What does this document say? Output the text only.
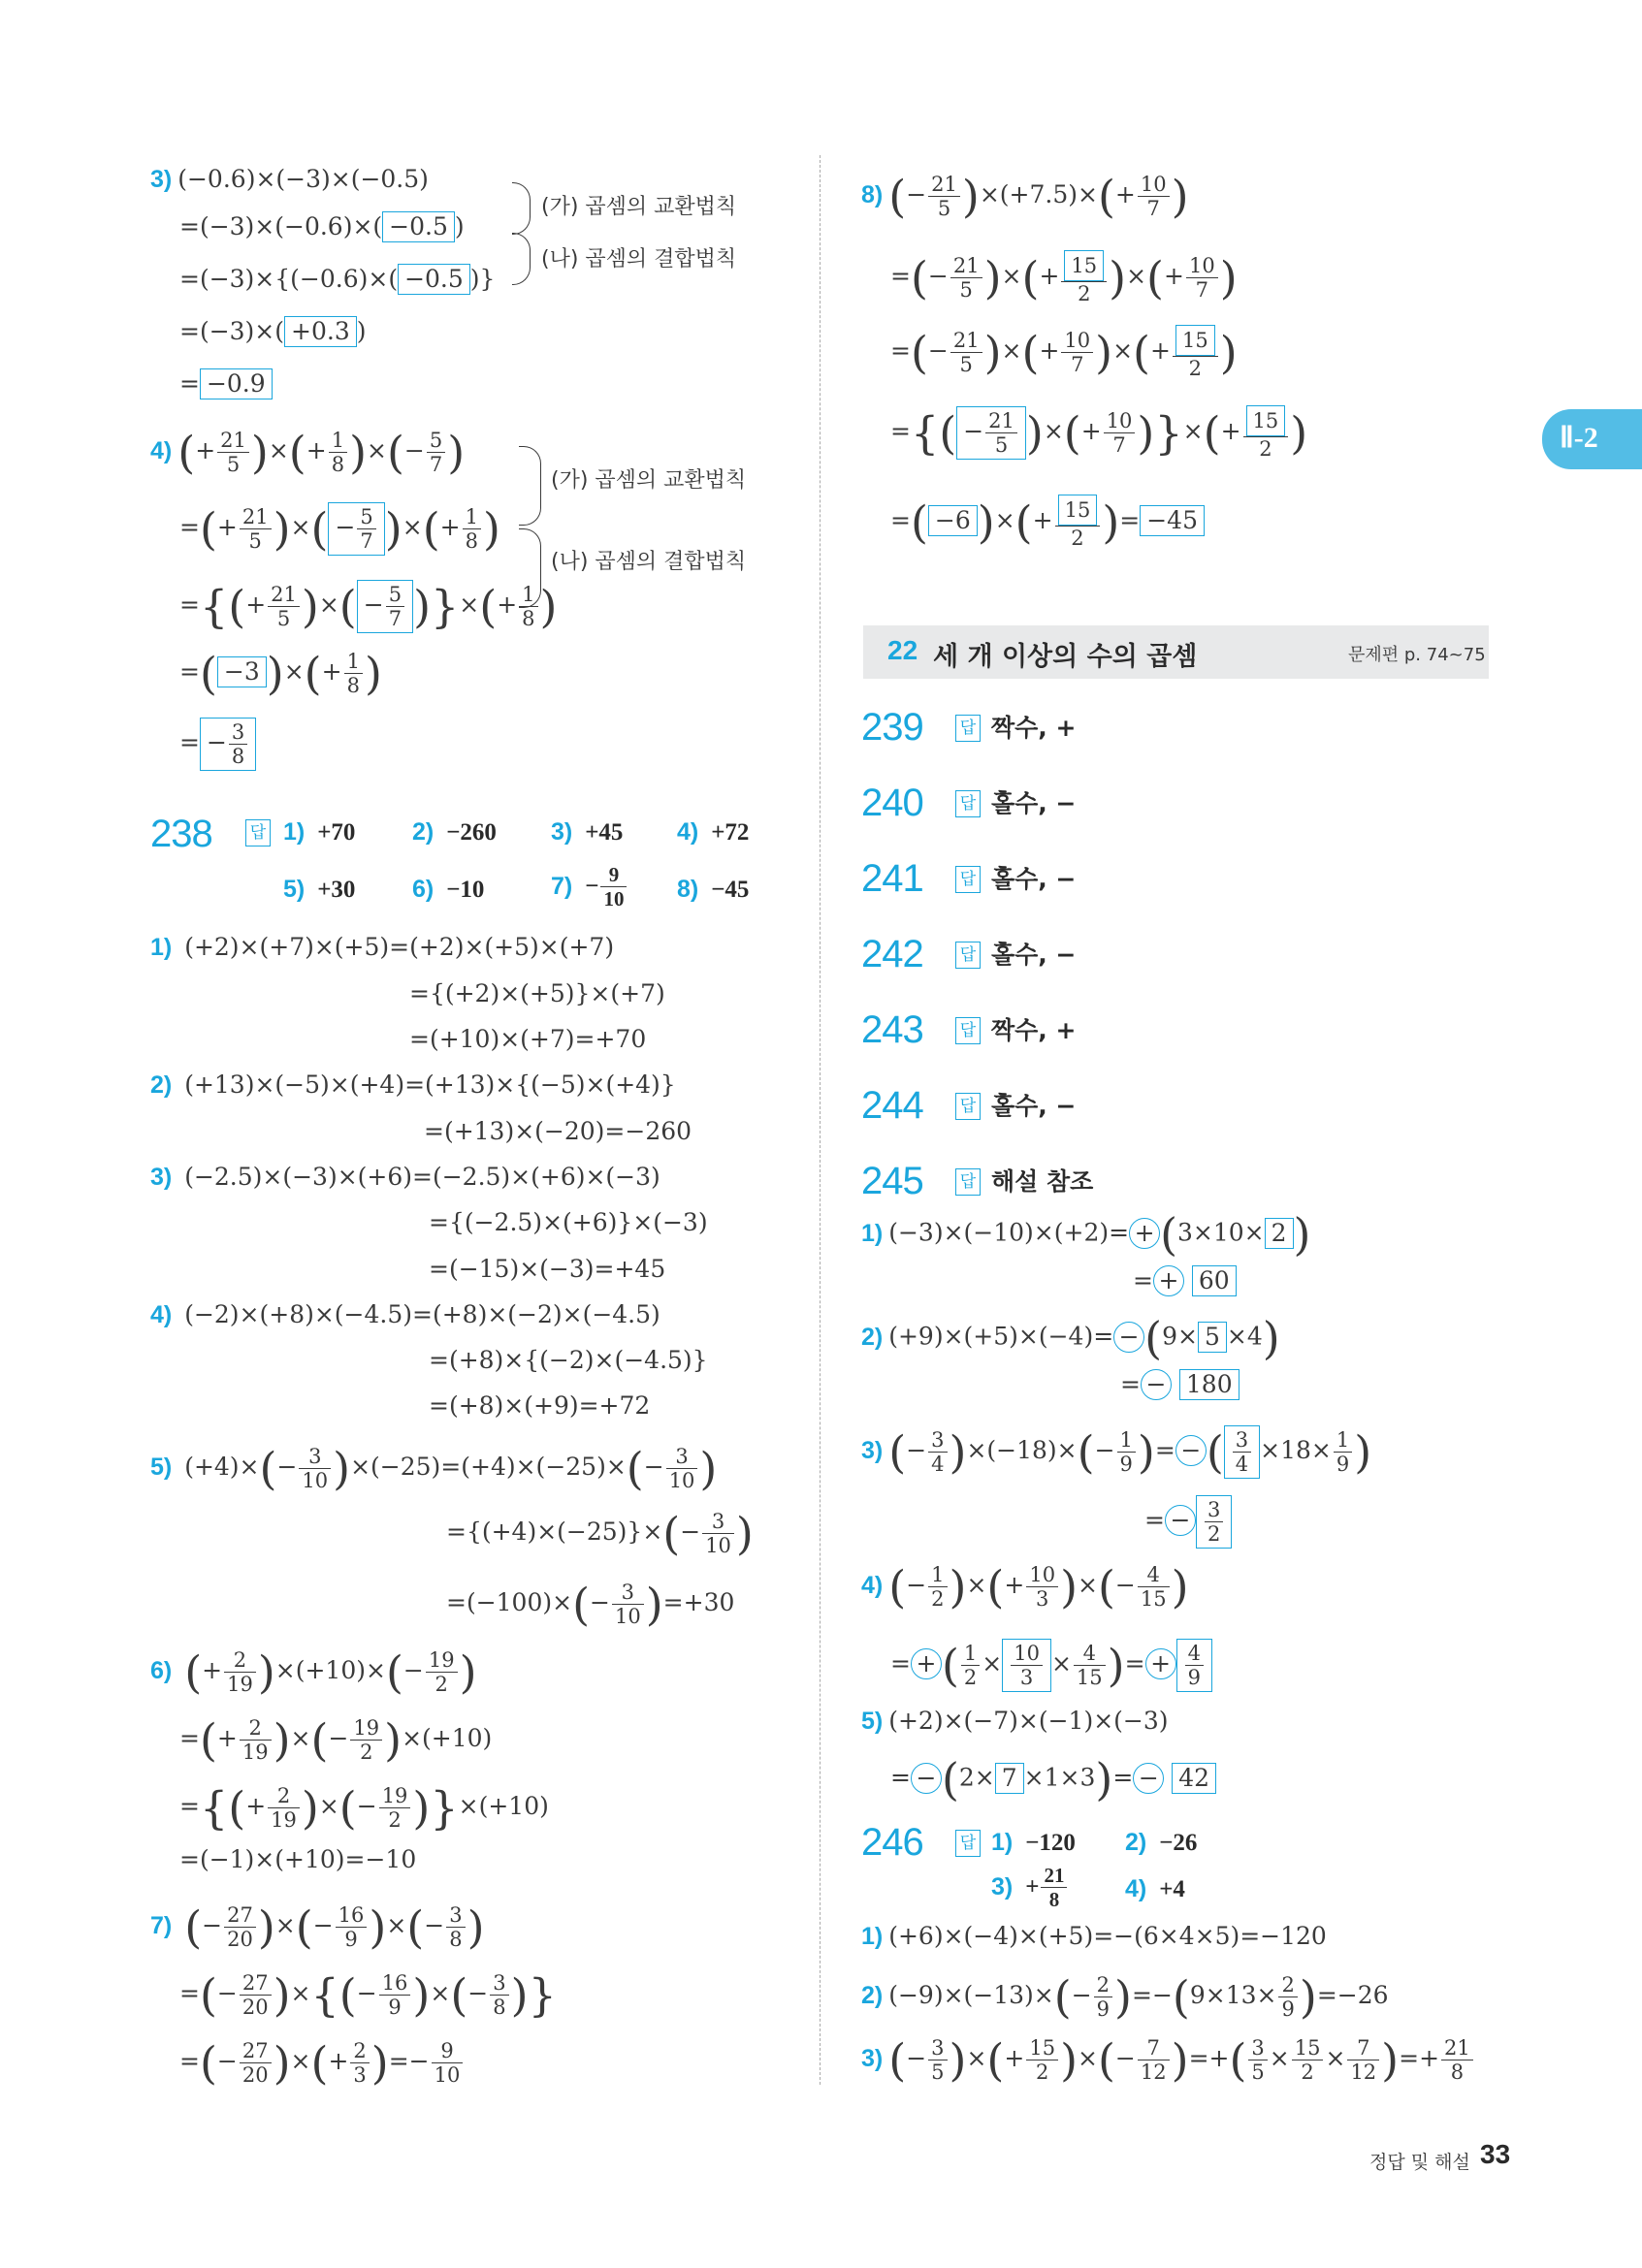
Ⅱ-2
3) (−0.6)×(−3)×(−0.5)
=(−3)×(−0.6)×( −0.5 )
=(−3)×{(−0.6)×( −0.5 )}
=(−3)×( +0.3 )
= −0.9
(가) 곱셈의 교환법칙
(나) 곱셈의 결합법칙
4) (+ $\frac{21}{5}$ )×(+ $\frac{1}{8}$ )×(− $\frac{5}{7}$ )
=(+ $\frac{21}{5}$ )×( − $\frac{5}{7}$ )×(+ $\frac{1}{8}$ )
={(+ $\frac{21}{5}$ )×( − $\frac{5}{7}$ )}×(+ $\frac{1}{8}$ )
=( −3 )×(+ $\frac{1}{8}$ )
= − $\frac{3}{8}$
(가) 곱셈의 교환법칙
(나) 곱셈의 결합법칙
238 답 1) +70 2) −260 3) +45 4) +72
5) +30 6) −10	$7) - \frac{9}{10} 8) -45$
1) (+2)×(+7)×(+5)=(+2)×(+5)×(+7)
={(+2)×(+5)}×(+7)
=(+10)×(+7)=+70
2) (+13)×(−5)×(+4)=(+13)×{(−5)×(+4)}
=(+13)×(−20)=−260
3) (−2.5)×(−3)×(+6)=(−2.5)×(+6)×(−3)
={(−2.5)×(+6)}×(−3)
=(−15)×(−3)=+45
4) (−2)×(+8)×(−4.5)=(+8)×(−2)×(−4.5)
=(+8)×{(−2)×(−4.5)}
=(+8)×(+9)=+72
5) $(+4)\times(- \frac{3}{10} )\times(-25)=(+4)\times(-25)\times(- \frac{3}{10}$ )
$=\{(+4)\times(-25)\}\times(- \frac{3}{10}$ )
$=(-100)\times(- \frac{3}{10} )=+30$
6) (+ $\frac{2}{19} )\times(+10)\times(- \frac{19}{2}$ )
=(+ $\frac{2}{19}$ )×(− $\frac{19}{2} )\times(+10)$
={(+ $\frac{2}{19}$ )×(− $\frac{19}{2} )\}\times(+10)$
=(−1)×(+10)=−10
7) (− $\frac{27}{20}$ )×(− $\frac{16}{9}$ )×(− $\frac{3}{8}$ )
=(− $\frac{27}{20}$ )×{(− $\frac{16}{9}$ )×(− $\frac{3}{8}$ )}
=(− $\frac{27}{20}$ )×(+ $\frac{2}{3}$ )=− $\frac{9}{10}$
8) (− $\frac{21}{5} )\times(+7.5)\times(+ \frac{10}{7}$ )
=(− $\frac{21}{5}$ )×(+ $\frac{15}{2}$ )×(+ $\frac{10}{7}$ )
=(− $\frac{21}{5}$ )×(+ $\frac{10}{7}$ )×(+ $\frac{15}{2}$ )
={( − $\frac{21}{5}$ )×(+ $\frac{10}{7}$ )}×(+ $\frac{15}{2}$ )
=( −6 )×(+ $\frac{15}{2}$ )= −45
22 세 개 이상의 수의 곱셈	문제편 p. 74~75
239 답 짝수, +
240 답 홀수, −
241 답 홀수, −
242 답 홀수, −
243 답 짝수, +
244 답 홀수, −
245 답 해설 참조
1) (−3)×(−10)×(+2)= + (3×10× 2 )
= + 60
2) (+9)×(+5)×(−4)= − (9× 5 ×4)
= − 180
3) (− $\frac{3}{4} )\times(-18)\times(- \frac{1}{9}$ )= − ( $\frac{3}{4} \times 18\times \frac{1}{9}$ )
= − $\frac{3}{2}$
4) (− $\frac{1}{2}$ )×(+ $\frac{10}{3}$ )×(− $\frac{4}{15}$ )
= + ( $\frac{1}{2} \times \frac{10}{3} \times \frac{4}{15}$ )= + $\frac{4}{9}$
5) (+2)×(−7)×(−1)×(−3)
= − (2× 7 ×1×3)= − 42
246 답 1) −120 2) −26
$3) + \frac{21}{8} 4) +4$
1) (+6)×(−4)×(+5)=−(6×4×5)=−120
2) $(-9)\times(-13)\times(- \frac{2}{9} )=-(9\times 13\times \frac{2}{9} )=-26$
3) (− $\frac{3}{5}$ )×(+ $\frac{15}{2}$ )×(− $\frac{7}{12}$ )=+( $\frac{3}{5} \times \frac{15}{2} \times \frac{7}{12}$ )=+ $\frac{21}{8}$
정답 및 해설 33
